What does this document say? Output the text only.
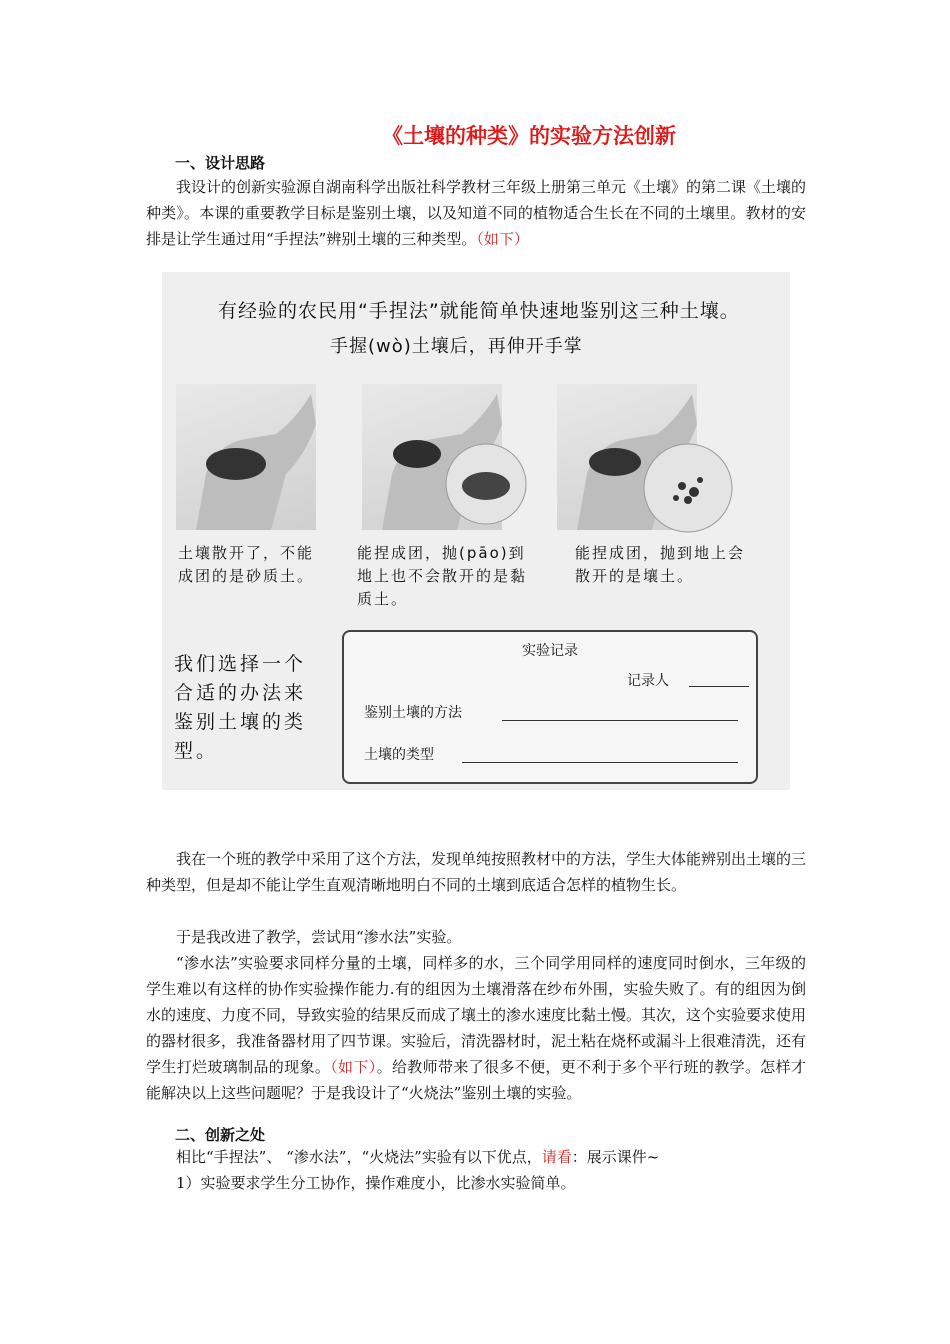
《土壤的种类》的实验方法创新
一、设计思路
我设计的创新实验源自湖南科学出版社科学教材三年级上册第三单元《土壤》的第二课《土壤的种类》。本课的重要教学目标是鉴别土壤，以及知道不同的植物适合生长在不同的土壤里。教材的安排是让学生通过用“手捏法”辨别土壤的三种类型。（如下）
有经验的农民用“手捏法”就能简单快速地鉴别这三种土壤。
手握(wò)土壤后，再伸开手掌
土壤散开了，不能成团的是砂质土。
能捏成团，抛(pāo)到地上也不会散开的是黏质土。
能捏成团，抛到地上会散开的是壤土。
我们选择一个合适的办法来鉴别土壤的类型。
实验记录
记录人
鉴别土壤的方法
土壤的类型
我在一个班的教学中采用了这个方法，发现单纯按照教材中的方法，学生大体能辨别出土壤的三种类型，但是却不能让学生直观清晰地明白不同的土壤到底适合怎样的植物生长。
于是我改进了教学，尝试用“渗水法”实验。
“渗水法”实验要求同样分量的土壤，同样多的水，三个同学用同样的速度同时倒水，三年级的学生难以有这样的协作实验操作能力.有的组因为土壤滑落在纱布外围，实验失败了。有的组因为倒水的速度、力度不同，导致实验的结果反而成了壤土的渗水速度比黏土慢。其次，这个实验要求使用的器材很多，我准备器材用了四节课。实验后，清洗器材时，泥土粘在烧杯或漏斗上很难清洗，还有学生打烂玻璃制品的现象。（如下）。给教师带来了很多不便，更不利于多个平行班的教学。怎样才能解决以上这些问题呢？于是我设计了“火烧法”鉴别土壤的实验。
二、创新之处
相比“手捏法”、 “渗水法”，“火烧法”实验有以下优点，请看：展示课件~
1）实验要求学生分工协作，操作难度小，比渗水实验简单。
